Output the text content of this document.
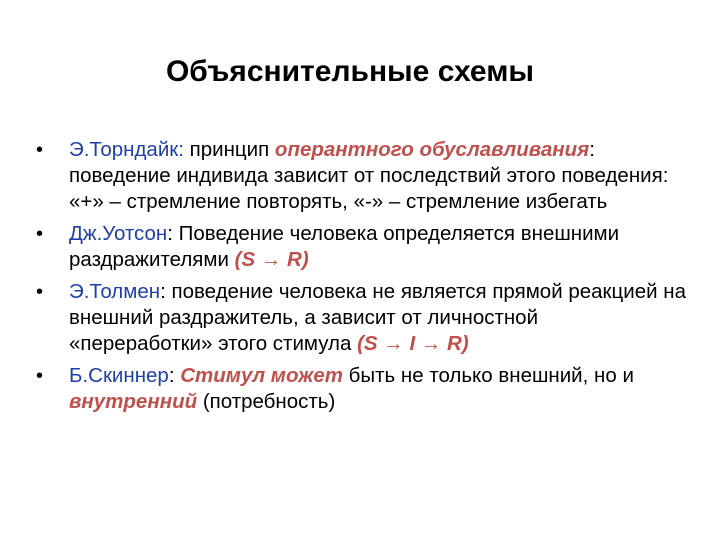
Объяснительные схемы
•	Э.Торндайк: принцип оперантного обуславливания: поведение индивида зависит от последствий этого поведения: «+» – стремление повторять, «-» – стремление избегать
•	Дж.Уотсон: Поведение человека определяется внешними раздражителями (S → R)
•	Э.Толмен: поведение человека не является прямой реакцией на внешний раздражитель, а зависит от личностной «переработки» этого стимула (S → I → R)
•	Б.Скиннер: Стимул может быть не только внешний, но и внутренний (потребность)
